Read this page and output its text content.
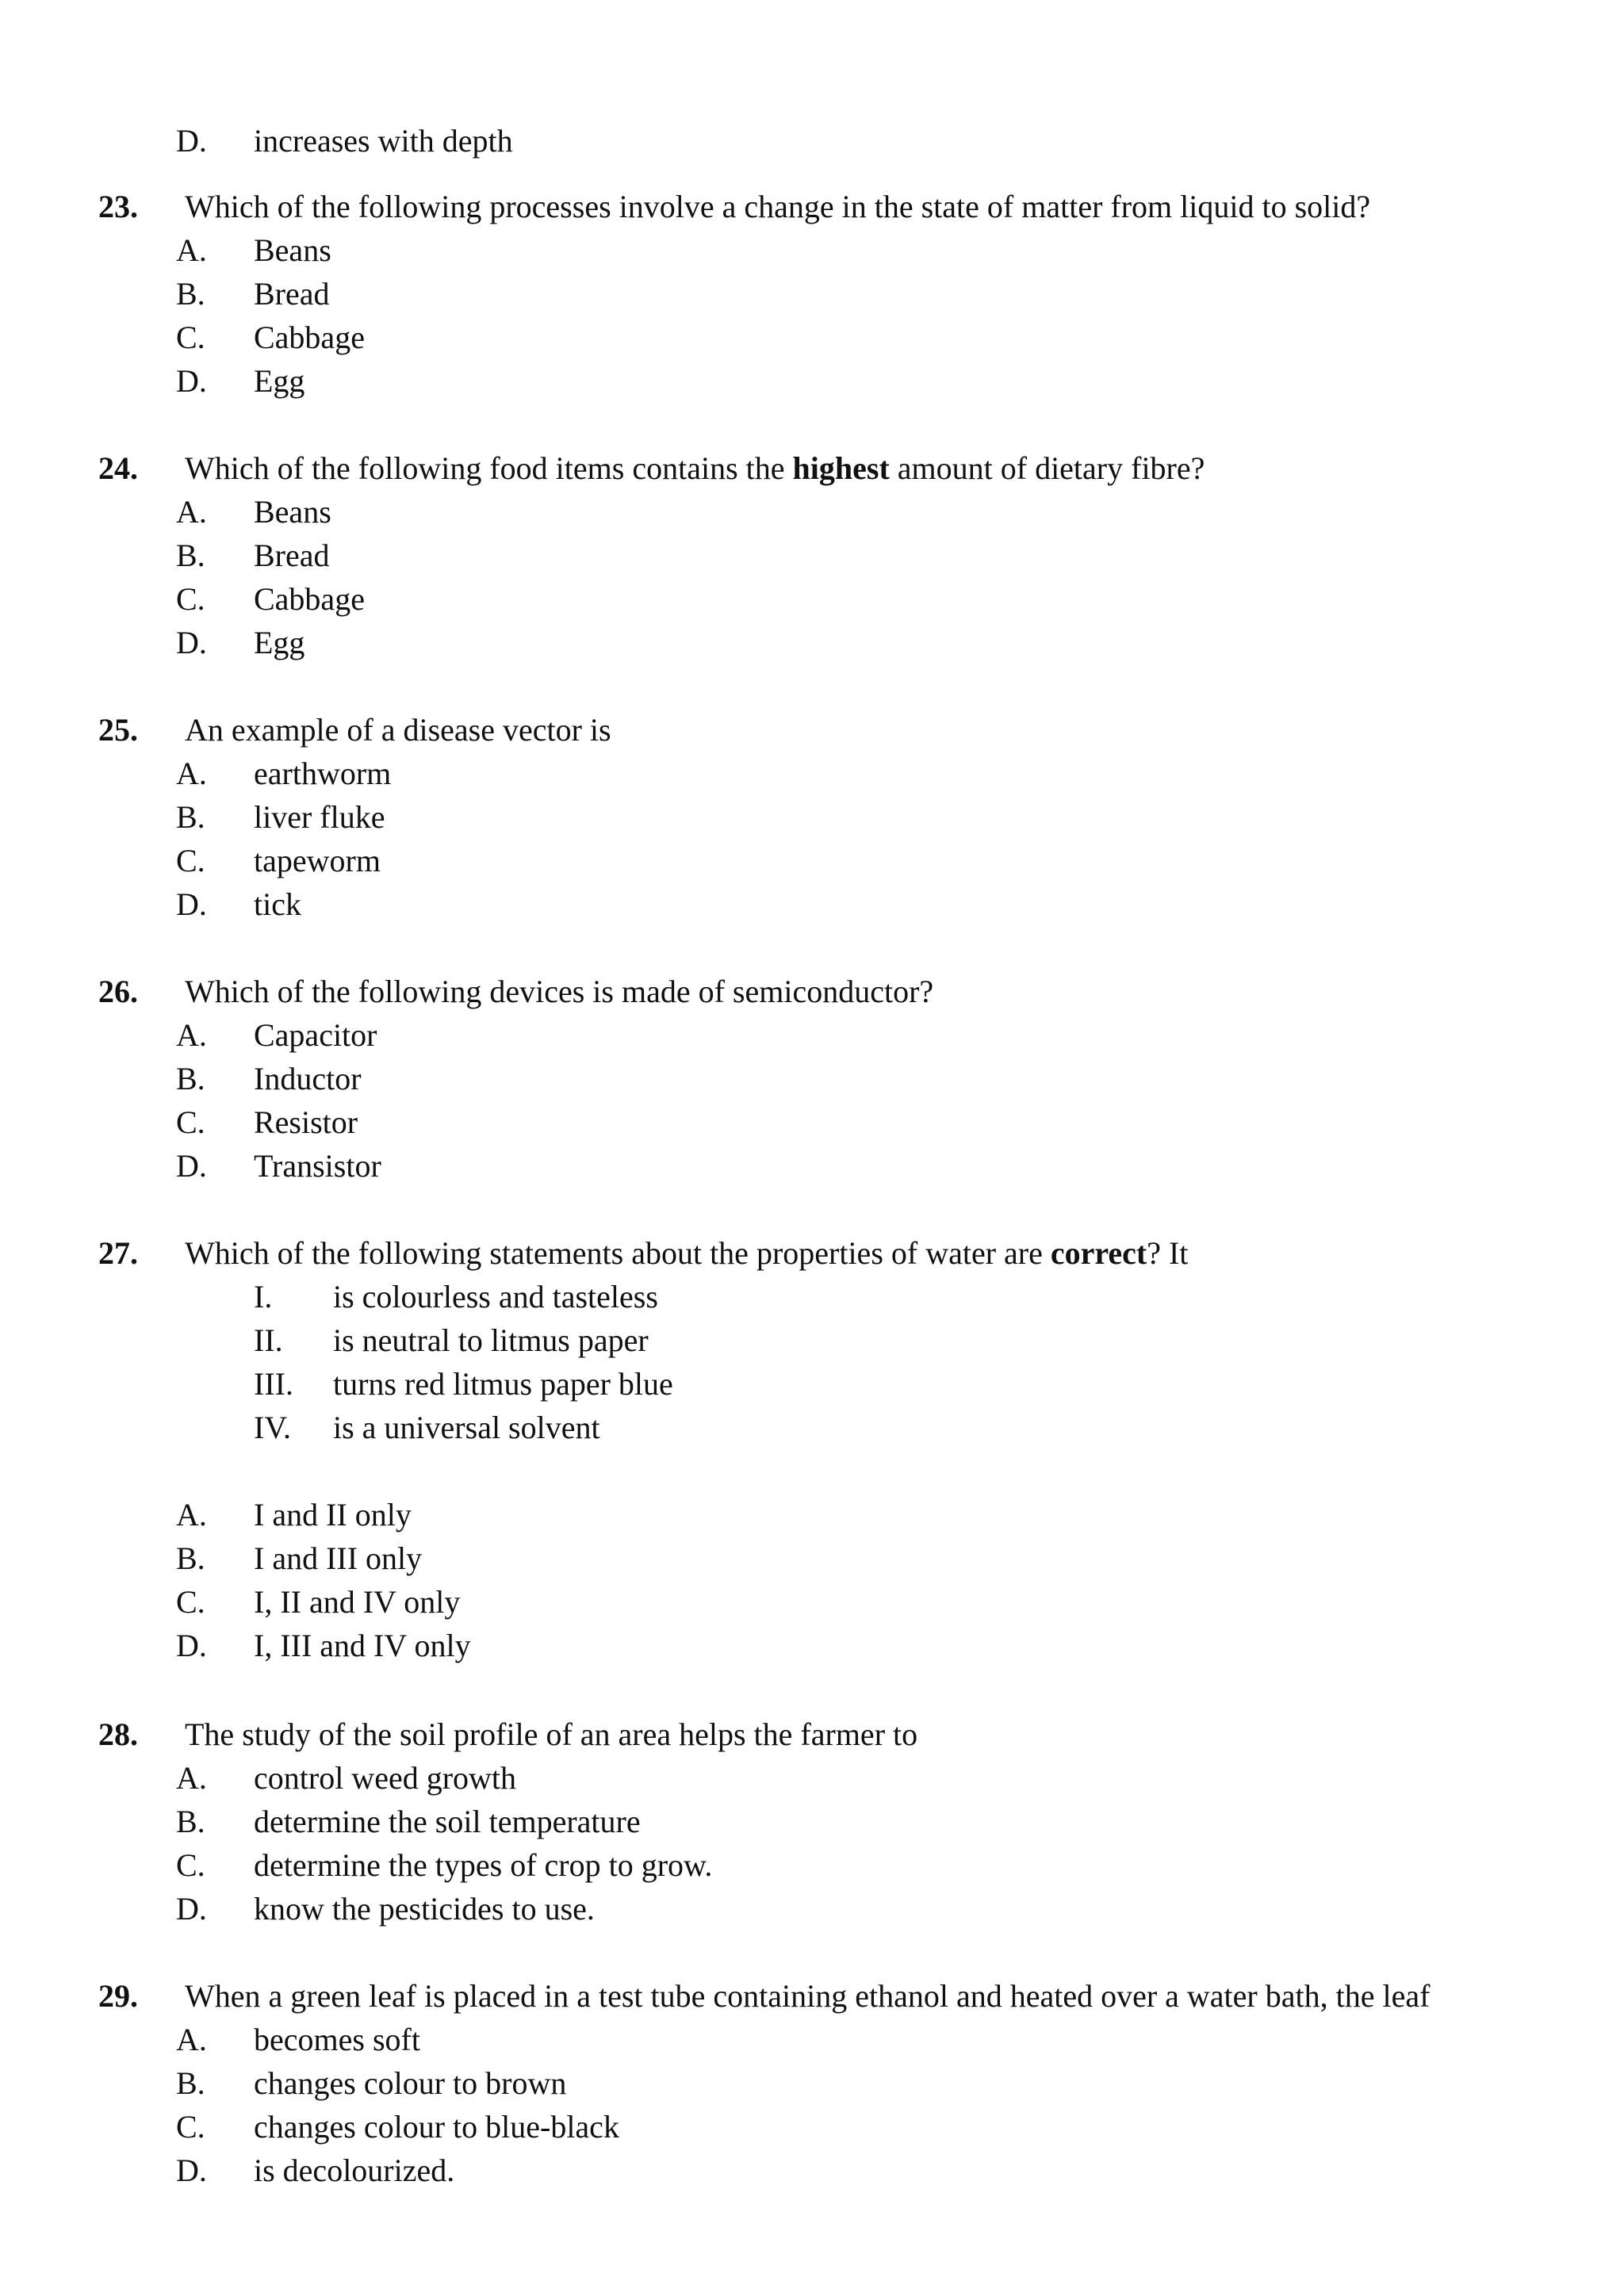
D. increases with depth
23. Which of the following processes involve a change in the state of matter from liquid to solid?
A. Beans
B. Bread
C. Cabbage
D. Egg
24. Which of the following food items contains the highest amount of dietary fibre?
A. Beans
B. Bread
C. Cabbage
D. Egg
25. An example of a disease vector is
A. earthworm
B. liver fluke
C. tapeworm
D. tick
26. Which of the following devices is made of semiconductor?
A. Capacitor
B. Inductor
C. Resistor
D. Transistor
27. Which of the following statements about the properties of water are correct? It
I. is colourless and tasteless
II. is neutral to litmus paper
III. turns red litmus paper blue
IV. is a universal solvent
A. I and II only
B. I and III only
C. I, II and IV only
D. I, III and IV only
28. The study of the soil profile of an area helps the farmer to
A. control weed growth
B. determine the soil temperature
C. determine the types of crop to grow.
D. know the pesticides to use.
29. When a green leaf is placed in a test tube containing ethanol and heated over a water bath, the leaf
A. becomes soft
B. changes colour to brown
C. changes colour to blue-black
D. is decolourized.
